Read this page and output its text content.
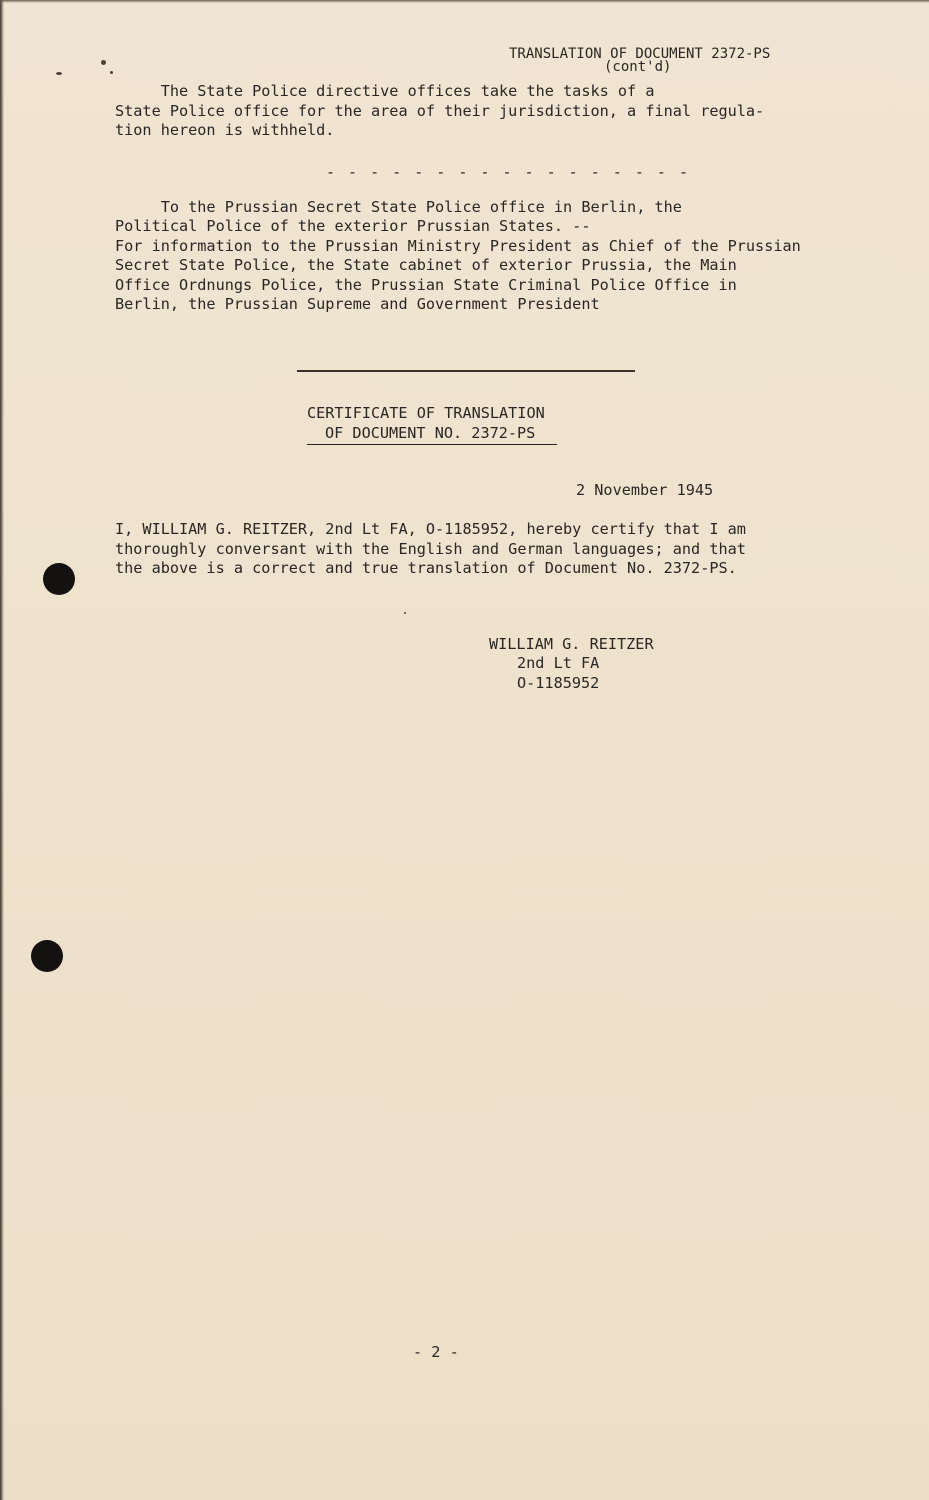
TRANSLATION OF DOCUMENT 2372-PS
(cont'd)
The State Police directive offices take the tasks of a
State Police office for the area of their jurisdiction, a final regula-
tion hereon is withheld.
- - - - - - - - - - - - - - - - -
To the Prussian Secret State Police office in Berlin, the
Political Police of the exterior Prussian States. --
For information to the Prussian Ministry President as Chief of the Prussian
Secret State Police, the State cabinet of exterior Prussia, the Main
Office Ordnungs Police, the Prussian State Criminal Police Office in
Berlin, the Prussian Supreme and Government President
CERTIFICATE OF TRANSLATION
OF DOCUMENT NO. 2372-PS
2 November 1945
I, WILLIAM G. REITZER, 2nd Lt FA, O-1185952, hereby certify that I am
thoroughly conversant with the English and German languages; and that
the above is a correct and true translation of Document No. 2372-PS.
WILLIAM G. REITZER
2nd Lt FA
O-1185952
- 2 -
